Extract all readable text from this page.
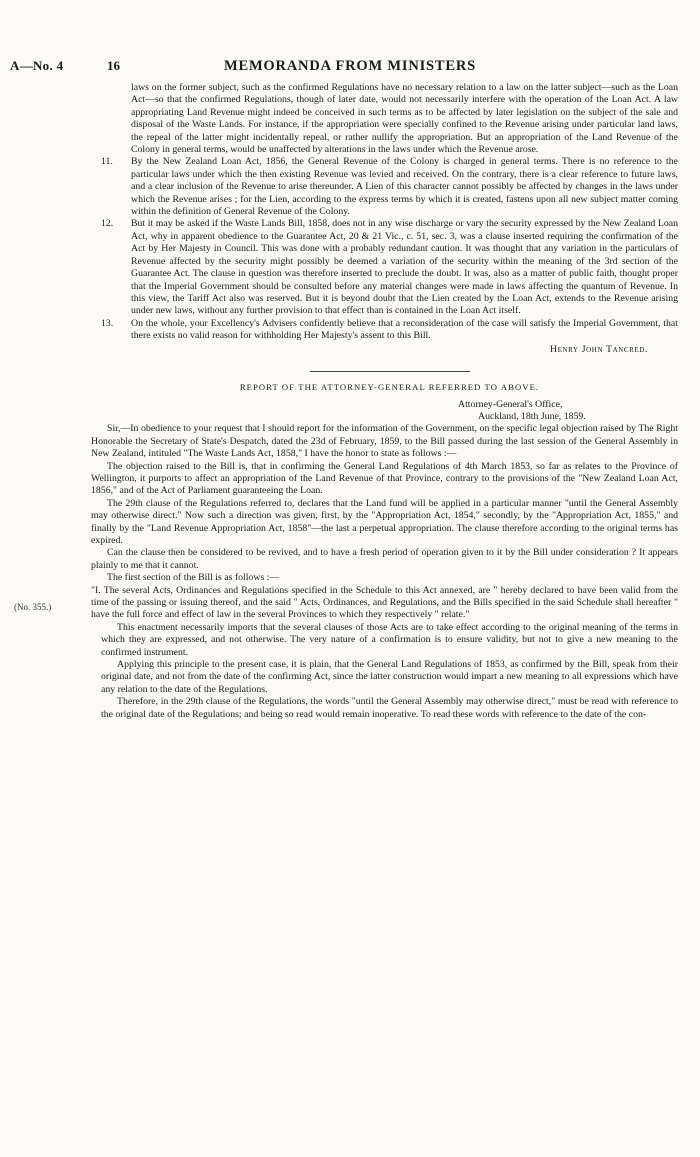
A—No. 4	16	MEMORANDA FROM MINISTERS
(No. 355.)

laws on the former subject, such as the confirmed Regulations have no necessary relation to a law on the latter subject—such as the Loan Act—so that the confirmed Regulations, though of later date, would not necessarily interfere with the operation of the Loan Act. A law appropriating Land Revenue might indeed be conceived in such terms as to be affected by later legislation on the subject of the sale and disposal of the Waste Lands. For instance, if the appropriation were specially confined to the Revenue arising under particular land laws, the repeal of the latter might incidentally repeal, or rather nullify the appropriation. But an appropriation of the Land Revenue of the Colony in general terms, would be unaffected by alterations in the laws under which the Revenue arose.

11. By the New Zealand Loan Act, 1856, the General Revenue of the Colony is charged in general terms. There is no reference to the particular laws under which the then existing Revenue was levied and received. On the contrary, there is a clear reference to future laws, and a clear inclusion of the Revenue to arise thereunder. A Lien of this character cannot possibly be affected by changes in the laws under which the Revenue arises ; for the Lien, according to the express terms by which it is created, fastens upon all new subject matter coming within the definition of General Revenue of the Colony.

12. But it may be asked if the Waste Lands Bill, 1858, does not in any wise discharge or vary the security expressed by the New Zealand Loan Act, why in apparent obedience to the Guarantee Act, 20 & 21 Vic., c. 51, sec. 3, was a clause inserted requiring the confirmation of the Act by Her Majesty in Council. This was done with a probably redundant caution. It was thought that any variation in the particulars of Revenue affected by the security might possibly be deemed a variation of the security within the meaning of the 3rd section of the Guarantee Act. The clause in question was therefore inserted to preclude the doubt. It was, also as a matter of public faith, thought proper that the Imperial Government should be consulted before any material changes were made in laws affecting the quantum of Revenue. In this view, the Tariff Act also was reserved. But it is beyond doubt that the Lien created by the Loan Act, extends to the Revenue arising under new laws, without any further provision to that effect than is contained in the Loan Act itself.

13. On the whole, your Excellency's Advisers confidently believe that a reconsideration of the case will satisfy the Imperial Government, that there exists no valid reason for withholding Her Majesty's assent to this Bill.

Henry John Tancred.
REPORT OF THE ATTORNEY-GENERAL REFERRED TO ABOVE.
Attorney-General's Office,
Auckland, 18th June, 1859.

Sir,—In obedience to your request that I should report for the information of the Government, on the specific legal objection raised by The Right Honorable the Secretary of State's Despatch, dated the 23d of February, 1859, to the Bill passed during the last session of the General Assembly in New Zealand, intituled "The Waste Lands Act, 1858," I have the honor to state as follows :—

The objection raised to the Bill is, that in confirming the General Land Regulations of 4th March 1853, so far as relates to the Province of Wellington, it purports to affect an appropriation of the Land Revenue of that Province, contrary to the provisions of the "New Zealand Loan Act, 1856," and of the Act of Parliament guaranteeing the Loan.

The 29th clause of the Regulations referred to, declares that the Land fund will be applied in a particular manner "until the General Assembly may otherwise direct." Now such a direction was given, first, by the "Appropriation Act, 1854," secondly, by the "Appropriation Act, 1855," and finally by the "Land Revenue Appropriation Act, 1858"—the last a perpetual appropriation. The clause therefore according to the original terms has expired.

Can the clause then be considered to be revived, and to have a fresh period of operation given to it by the Bill under consideration ? It appears plainly to me that it cannot.

The first section of the Bill is as follows :—

"I. The several Acts, Ordinances and Regulations specified in the Schedule to this Act annexed, are " hereby declared to have been valid from the time of the passing or issuing thereof, and the said " Acts, Ordinances, and Regulations, and the Bills specified in the said Schedule shall hereafter " have the full force and effect of law in the several Provinces to which they respectively " relate."

This enactment necessarily imports that the several clauses of those Acts are to take effect according to the original meaning of the terms in which they are expressed, and not otherwise. The very nature of a confirmation is to ensure validity, but not to give a new meaning to the confirmed instrument.

Applying this principle to the present case, it is plain, that the General Land Regulations of 1853, as confirmed by the Bill, speak from their original date, and not from the date of the confirming Act, since the latter construction would impart a new meaning to all expressions which have any relation to the date of the Regulations.

Therefore, in the 29th clause of the Regulations, the words "until the General Assembly may otherwise direct," must be read with reference to the original date of the Regulations; and being so read would remain inoperative. To read these words with reference to the date of the con-
